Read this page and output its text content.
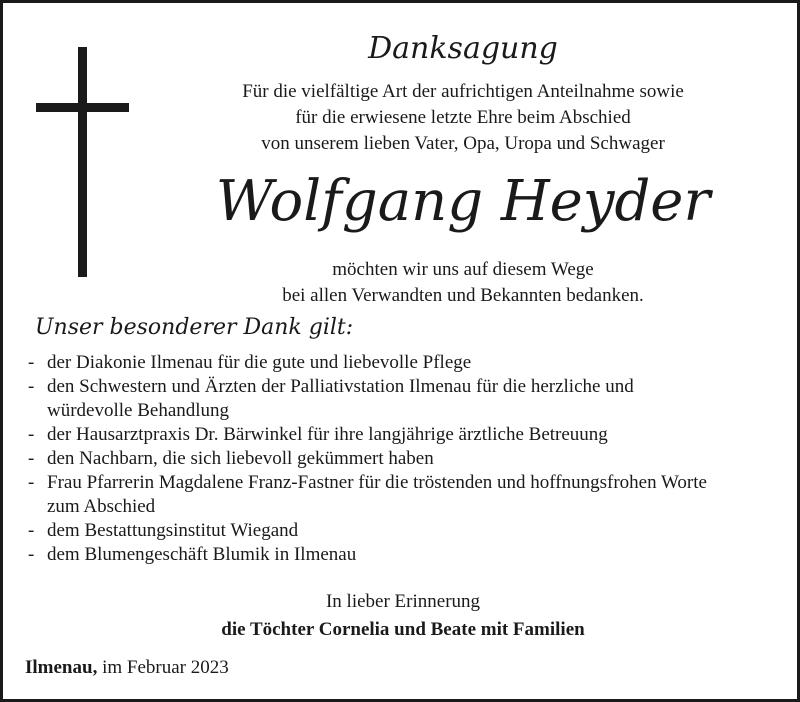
Danksagung
Für die vielfältige Art der aufrichtigen Anteilnahme sowie
für die erwiesene letzte Ehre beim Abschied
von unserem lieben Vater, Opa, Uropa und Schwager
Wolfgang Heyder
möchten wir uns auf diesem Wege
bei allen Verwandten und Bekannten bedanken.
Unser besonderer Dank gilt:
- der Diakonie Ilmenau für die gute und liebevolle Pflege
- den Schwestern und Ärzten der Palliativstation Ilmenau für die herzliche und
würdevolle Behandlung
- der Hausarztpraxis Dr. Bärwinkel für ihre langjährige ärztliche Betreuung
- den Nachbarn, die sich liebevoll gekümmert haben
- Frau Pfarrerin Magdalene Franz-Fastner für die tröstenden und hoffnungsfrohen Worte
zum Abschied
- dem Bestattungsinstitut Wiegand
- dem Blumengeschäft Blumik in Ilmenau
In lieber Erinnerung
die Töchter Cornelia und Beate mit Familien
Ilmenau, im Februar 2023
